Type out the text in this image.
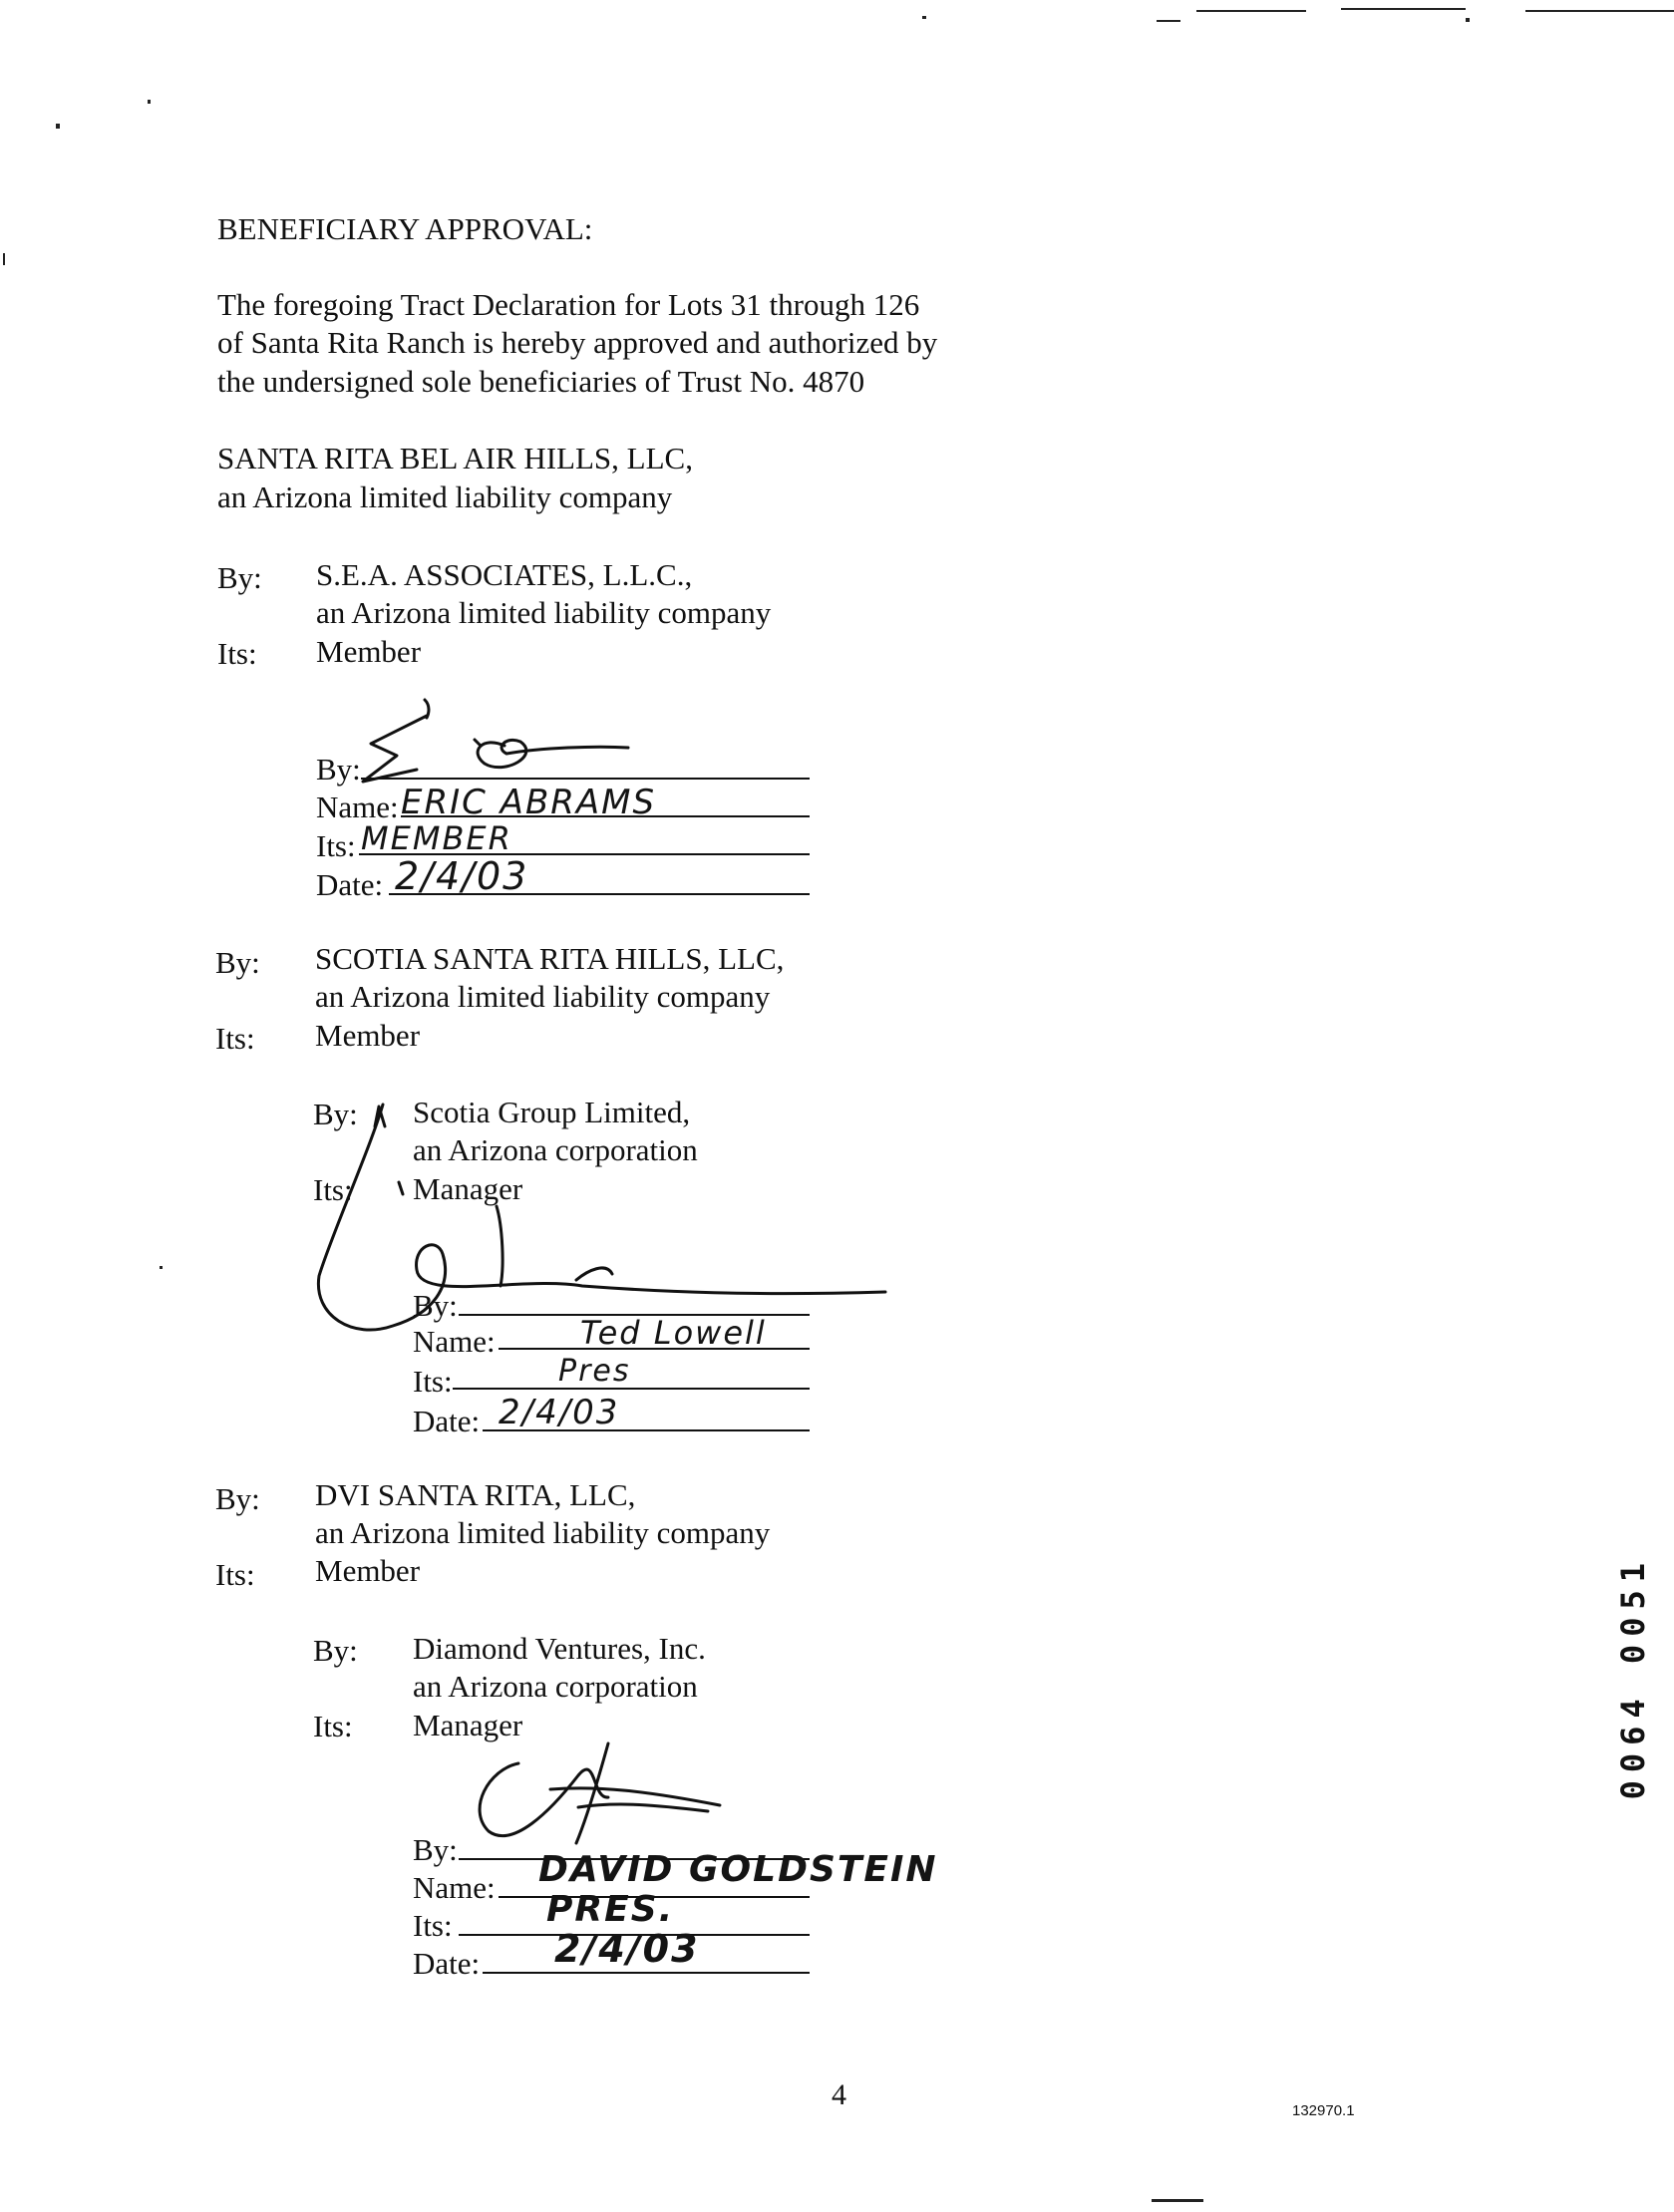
BENEFICIARY APPROVAL:
The foregoing Tract Declaration for Lots 31 through 126
of Santa Rita Ranch is hereby approved and authorized by
the undersigned sole beneficiaries of Trust No. 4870
SANTA RITA BEL AIR HILLS, LLC,
an Arizona limited liability company
By: S.E.A. ASSOCIATES, L.L.C.,
an Arizona limited liability company
Its: Member
By:
Name: ERIC ABRAMS
Its: MEMBER
Date: 2/4/03
By: SCOTIA SANTA RITA HILLS, LLC,
an Arizona limited liability company
Its: Member
By: Scotia Group Limited,
an Arizona corporation
Its: Manager
By:
Name:	Ted Lowell
Its:	Pres
Date: 2/4/03
By: DVI SANTA RITA, LLC,
an Arizona limited liability company
Its: Member
By: Diamond Ventures, Inc.
an Arizona corporation
Its: Manager
By:
Name: DAVID GOLDSTEIN
Its:	PRES.
Date: 2/4/03
4	132970.1
0064 0051
